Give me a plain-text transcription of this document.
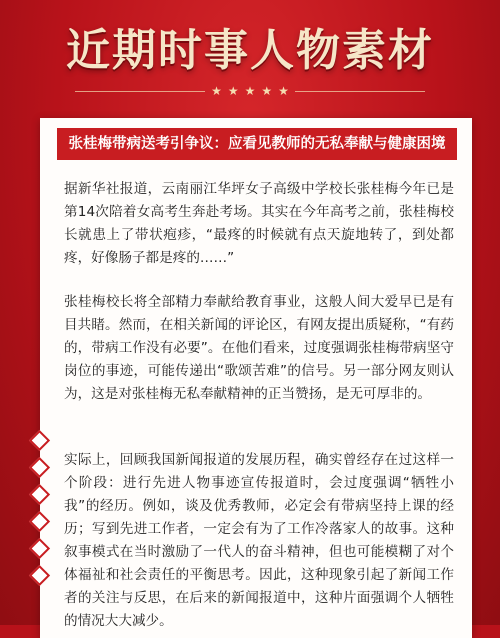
近期时事人物素材
★ ★ ★ ★ ★
张桂梅带病送考引争议：应看见教师的无私奉献与健康困境

据新华社报道，云南丽江华坪女子高级中学校长张桂梅今年已是第14次陪着女高考生奔赴考场。其实在今年高考之前，张桂梅校长就患上了带状疱疹，“最疼的时候就有点天旋地转了，到处都疼，好像肠子都是疼的……”

张桂梅校长将全部精力奉献给教育事业，这般人间大爱早已是有目共睹。然而，在相关新闻的评论区，有网友提出质疑称，“有药的，带病工作没有必要”。在他们看来，过度强调张桂梅带病坚守岗位的事迹，可能传递出“歌颂苦难”的信号。另一部分网友则认为，这是对张桂梅无私奉献精神的正当赞扬，是无可厚非的。

实际上，回顾我国新闻报道的发展历程，确实曾经存在过这样一个阶段：进行先进人物事迹宣传报道时，会过度强调“牺牲小我”的经历。例如，谈及优秀教师，必定会有带病坚持上课的经历；写到先进工作者，一定会有为了工作冷落家人的故事。这种叙事模式在当时激励了一代人的奋斗精神，但也可能模糊了对个体福祉和社会责任的平衡思考。因此，这种现象引起了新闻工作者的关注与反思，在后来的新闻报道中，这种片面强调个人牺牲的情况大大减少。
